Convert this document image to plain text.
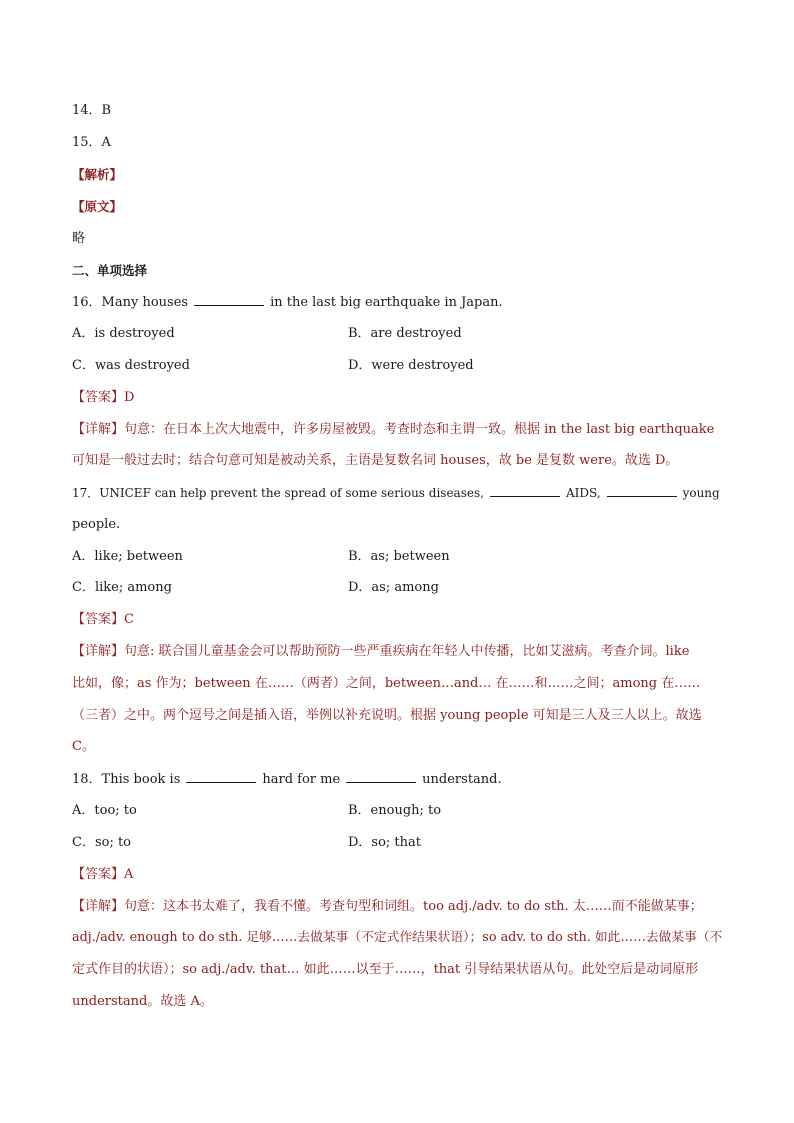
14．B
15．A
【解析】
【原文】
略
二、单项选择
16．Many houses	in the last big earthquake in Japan.
A．is destroyed	B．are destroyed
C．was destroyed	D．were destroyed
【答案】D
【详解】句意：在日本上次大地震中，许多房屋被毁。考查时态和主谓一致。根据 in the last big earthquake
可知是一般过去时；结合句意可知是被动关系，主语是复数名词 houses，故 be 是复数 were。故选 D。
17．UNICEF can help prevent the spread of some serious diseases,	AIDS,	young
people.
A．like; between	B．as; between
C．like; among	D．as; among
【答案】C
【详解】句意: 联合国儿童基金会可以帮助预防一些严重疾病在年轻人中传播，比如艾滋病。考查介词。like
比如，像；as 作为；between 在……（两者）之间，between…and… 在……和……之间；among 在……
（三者）之中。两个逗号之间是插入语，举例以补充说明。根据 young people 可知是三人及三人以上。故选
C。
18．This book is	hard for me	understand.
A．too; to	B．enough; to
C．so; to	D．so; that
【答案】A
【详解】句意：这本书太难了，我看不懂。考查句型和词组。too adj./adv. to do sth. 太……而不能做某事；
adj./adv. enough to do sth. 足够……去做某事（不定式作结果状语）；so adv. to do sth. 如此……去做某事（不
定式作目的状语）；so adj./adv. that… 如此……以至于……，that 引导结果状语从句。此处空后是动词原形
understand。故选 A。
